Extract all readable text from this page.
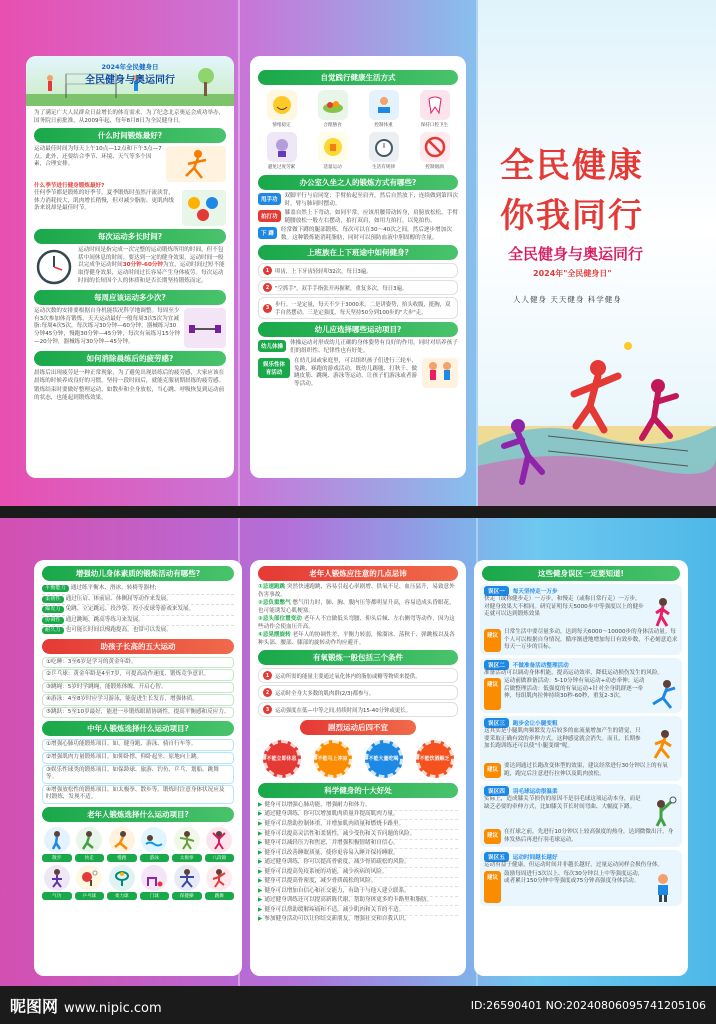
2024年全民健身日
全民健身与奥运同行
为了满足广大人民群众日益增长的体育需求，为了纪念北京奥运会成功举办，国务院日前批准，从2009年起，每年8月8日为全民健身日。
什么时间锻炼最好?
运动最佳时间为每天上午10点—12点和下午3点—7点。此外，还要结合季节、环境、天气等多个因素，合理安排。
什么季节进行健身锻炼最好?
任何季节都是锻炼的好季节，夏季锻炼时虽然汗流浃背，体力消耗较大，肌肉增长稍慢，但对减少脂肪、更肌肉线条来说却是最佳时节。
每次运动多长时间?
运动时间是指完成一次完整的运动锻炼所用的时间，但不包括中间休息的时间。要达到一定的健身效果，运动时间一般以完成争运动时间30分钟-60分钟为宜，运动时间过短不能取得健身效果，运动时间过长容易产生身体疲劳。每次运动时间的长短因个人的体质和是否长期坚持锻炼而定。
每周应该运动多少次?
运动次数的安排要根据自身机能状况科学地调整。每周至少有3次参加体育锻炼，天天运动最好一般每周3次5次为宜减脂:每周4次5次，每次练习30分钟—60分钟，器械练习30分钟45分钟，慢跑30分钟—45分钟，每次有氧练习15分钟—20分钟，器械练习30分钟—45分钟。
如何消除晨练后的疲劳感?
晨练后出现疲劳是一种正常现象，为了避免出现晨练后的疲劳感，大家应该在晨练的时候养成良好的习惯，坚持一段时间后，就能克服初期晨练的疲劳感。锻炼结束时要做好整理运动，如散步和全身放松，当心跳、呼吸恢复到运动前的状态，也能起到锻炼效果。
自觉践行健康生活方式
情绪稳定	合理膳食	控制体重	保持口腔卫生
避免过度劳累	适量运动	生活有规律	控制烟酒
办公室久坐之人的锻炼方式有哪些?
甩手功
双脚平行与肩同宽；手臂抬起至肩齐，然后自然放下；连续做到第四次时，臂与肺同时摆动。
拍打功
膝盖自然上下弯动，如同平常。应该用腰带动转身，肩膀放松松，手臂随腰放松一般左右摆动，拍打双肩，如用力拍打，以免拍伤。
下 蹲
经常做下蹲的腿部锻炼，每次可以在30～40次之间，然后逐步增加次数。这种锻炼能消耗脂肪，同时可以预防血液中胆固醇的含量。
上班族在上下班途中如何健身?
1	叩齿，上下牙齿轻轻叩32次，每日3遍。
2	"空抓手"，双手手指张开再握紧，重复多次，每日3遍。
3	步行。一是定量，每天不少于3000米。二是讲姿势，抬头收腹，挺胸，双手自然摆动。三是定强度，每天坚持50分到100步的"大步"走。
幼儿应选择哪些运动项目?
幼儿体操
体操运动对形成幼儿正确的身体姿势有良好的作用，同时对培养孩子们的组织性、纪律性也有好处。
娱乐性体育活动
在幼儿园或家庭里，可以组织孩子们进行三轮车、兔跳、赛跑的游戏活动，既幼儿踢毽、打秋千、做跳皮筋、跳绳、游泳等运动，让孩子们游泳或者游等活动。
全民健康
你我同行
全民健身与奥运同行
2024年"全民健身日"
人人健身 天天健身 科学健身
增强幼儿身体素质的锻炼活动有哪些?
平衡能力 通过练平衡木、滑冰、转椅等器材;
柔韧性 通过压肩、体前屈、体侧屈等动作来发展。
爆发力 兔跳、立定跳远、投沙袋、投小皮球等游戏来发展。
协调性 通过跳绳、跳高等练习来发展。
耐久力 也可能长时间以慢跑提高，也常可以发展。
助孩子长高的五大运动
①吃睡：3至6岁是学习的黄金年龄。
②乒乓球：黄金年龄是4至7岁，可提高动作速度、锻炼竞争意识。
③跳绳：5岁时学跳绳，能锻炼体魄、开启心智。
④游泳：4至8岁时应学习游泳，能促进生长发育，增强体质。
⑤跳跃：5至10岁最好，能进一步锻炼眼睛协调性，提高平衡感和反应力。
中年人锻炼选择什么运动项目?
①增强心肺功能锻炼项目。如，健身跑、游泳、骑自行车等。
②增强肌肉力量锻炼项目。如仰卧撑、仰卧起坐、原地向上跳。
③娱乐性球类的锻炼项目。如保龄球、旅游、钓鱼、乒乓、划船、跳舞等。
④增强放松性的锻炼项目。如太极拳、散步等。锻炼时注意身体状况应及时锻炼，发现不适。
老年人锻炼选择什么运动项目?
散步	快走	慢跑	游泳	太极拳	八段锦
气功	乒乓球	柔力球	门球	保健操	跳舞
老年人锻炼应注意的几点忌讳
①忌速跑跳 突然快速跑跳，容易引起心率剧增、供氧不足、血压猛升，易致意外伤害事故。
②忌负重憋气 憋气用力时，肺、胸、腹内压等都明显升高，容易造成头昏眼花，也可能诱发心肌梗塞。
③忌头部位置变动 老年人不宜做低头弯腰、仰头后倾、左右侧弯等动作，因为这些动作会使血压升高。
④忌晃摆旋转 老年人的协调性差、平衡力转弱，像溜冰、荡秋千、弹跳板以及各种头部、腰部、膝部的旋转动作均应避开。
有氧锻炼一般包括三个条件
1	运动所需的能量主要通过氧化体内的脂肪或糖等物质来提供。
2	运动时全身大多数的肌肉群(2/3)都参与。
3	运动强度在低—中等之间,持续时间为15-40分钟或更长。
剧烈运动后四不宜
不能立即休息	不能马上冲凉	不能大量吃喝	不能饮酒解乏
科学健身的十大好处
▶ 健身可以增强心肺功能，增强耐力和体力。
▶ 通过健身训练，你可以增加肌肉质量并提高肌肉力量。
▶ 健身可以帮助控制体重，并增加肌肉质量和燃烧卡路里。
▶ 健身可以提高灵活性和柔韧性，减少受伤和关节问题的风险。
▶ 健身可以减轻压力和焦虑，并增强积极情绪和自信心。
▶ 健身可以改善睡眠质量，使你更容易入睡并保持睡眠。
▶ 通过健身训练，你可以提高骨密度，减少骨质疏松的风险。
▶ 健身可以提高免疫系统的功能，减少疾病的风险。
▶ 健身可以提高骨密度，减少骨质疏松的风险。
▶ 健身可以增加自信心和社交能力，有助于与他人建立联系。
▶ 通过健身训练还可以提高新陈代谢，帮助身体更多的卡路里和脂肪。
▶ 健身可以帮助缓解疼痛和不适，减少肌肉和关节的不适。
▶ 参加健身活动可以让你结交新朋友，增强社交和自我认识。
这些健身误区一定要知道!
误区一	每天坚持走一万步
快走（或称健步走）一万步，和慢走（或称日常行走）一万步，对健身效果大不相同。研究证明每天5000步中等强度以上的健步走就可以达到锻炼效果
建议
日常生活中要尽量多动，达到每天6000～10000步的身体活动量。每个人可以根据自身情况，循序渐进地增加每日有效步数，不必刻意追求每天一万步的目标。
误区二	不做准备活动整理活动
准备活动可以调动身体机能，提高运动效率，降低运动损伤发生的风险。
建议
运动前做准备活动：5-10分钟有氧运动+动态牵伸；运动后做整理活动：低强度的有氧运动+针对全身肌群逐一牵伸，每组肌肉拉伸持续30秒-60秒，重复2-3次。
误区三	跑步会让小腿变粗
这其实是小腿肌肉频繁发力后较多的血流量增加产生的错觉，只要采取正确有效的牵伸方式，这种感觉就会消失。而且，长期参加长跑训练还可以使"小腿变细"呢。
建议
要达到通过长跑改变体型的效果，建议经常进行30分钟以上的有氧跑，跑完后注意进行拉伸以及肌肉放松。
误区四	羽毛球运动很温柔
实际上，造成膝关节损伤的原因不是羽毛球这项运动本身，而是缺乏必要的牵伸方式，比如膝关节长时间弯曲、大幅度下蹲。
建议
在打球之前，先进行10分钟以上较高强度的热身，达到微微出汗，身体发热后再进行羽毛球运动。
误区五	运动时间越长越好
运动有益于健康，但运动时间并非越长越好，过量运动同样会损伤身体。
建议
鼓励每周进行3次以上、每次30分钟以上中等强度运动，或者累计150分钟中等强度或75分钟高强度身体活动。
昵图网 www.nipic.com	ID:26590401 NO:20240806095741205106
